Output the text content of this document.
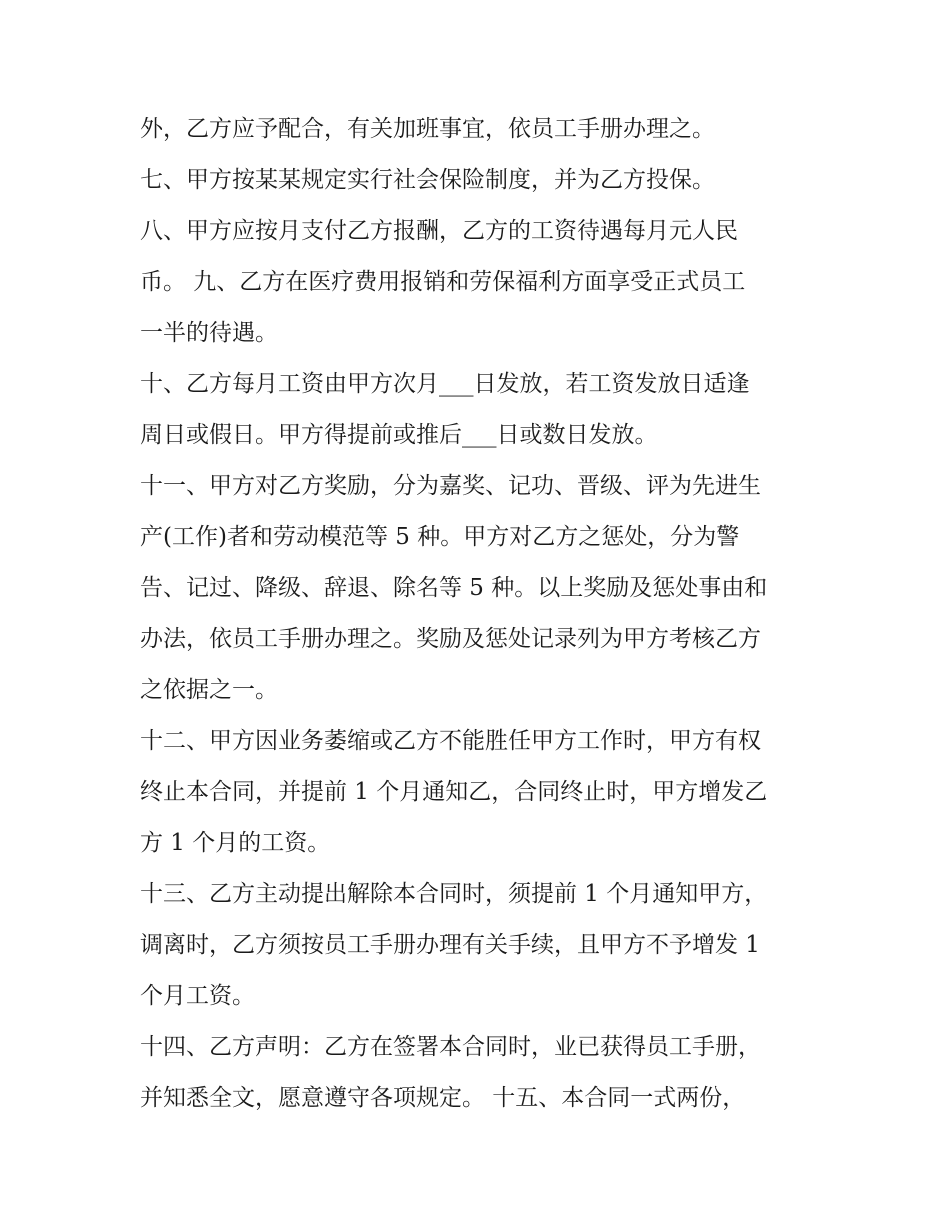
外，乙方应予配合，有关加班事宜，依员工手册办理之。
七、甲方按某某规定实行社会保险制度，并为乙方投保。
八、甲方应按月支付乙方报酬，乙方的工资待遇每月元人民
币。 九、乙方在医疗费用报销和劳保福利方面享受正式员工
一半的待遇。
十、乙方每月工资由甲方次月___日发放，若工资发放日适逢
周日或假日。甲方得提前或推后___日或数日发放。
十一、甲方对乙方奖励，分为嘉奖、记功、晋级、评为先进生
产(工作)者和劳动模范等 5 种。甲方对乙方之惩处，分为警
告、记过、降级、辞退、除名等 5 种。以上奖励及惩处事由和
办法，依员工手册办理之。奖励及惩处记录列为甲方考核乙方
之依据之一。
十二、甲方因业务萎缩或乙方不能胜任甲方工作时，甲方有权
终止本合同，并提前 1 个月通知乙，合同终止时，甲方增发乙
方 1 个月的工资。
十三、乙方主动提出解除本合同时，须提前 1 个月通知甲方，
调离时，乙方须按员工手册办理有关手续，且甲方不予增发 1
个月工资。
十四、乙方声明：乙方在签署本合同时，业已获得员工手册，
并知悉全文，愿意遵守各项规定。 十五、本合同一式两份，
